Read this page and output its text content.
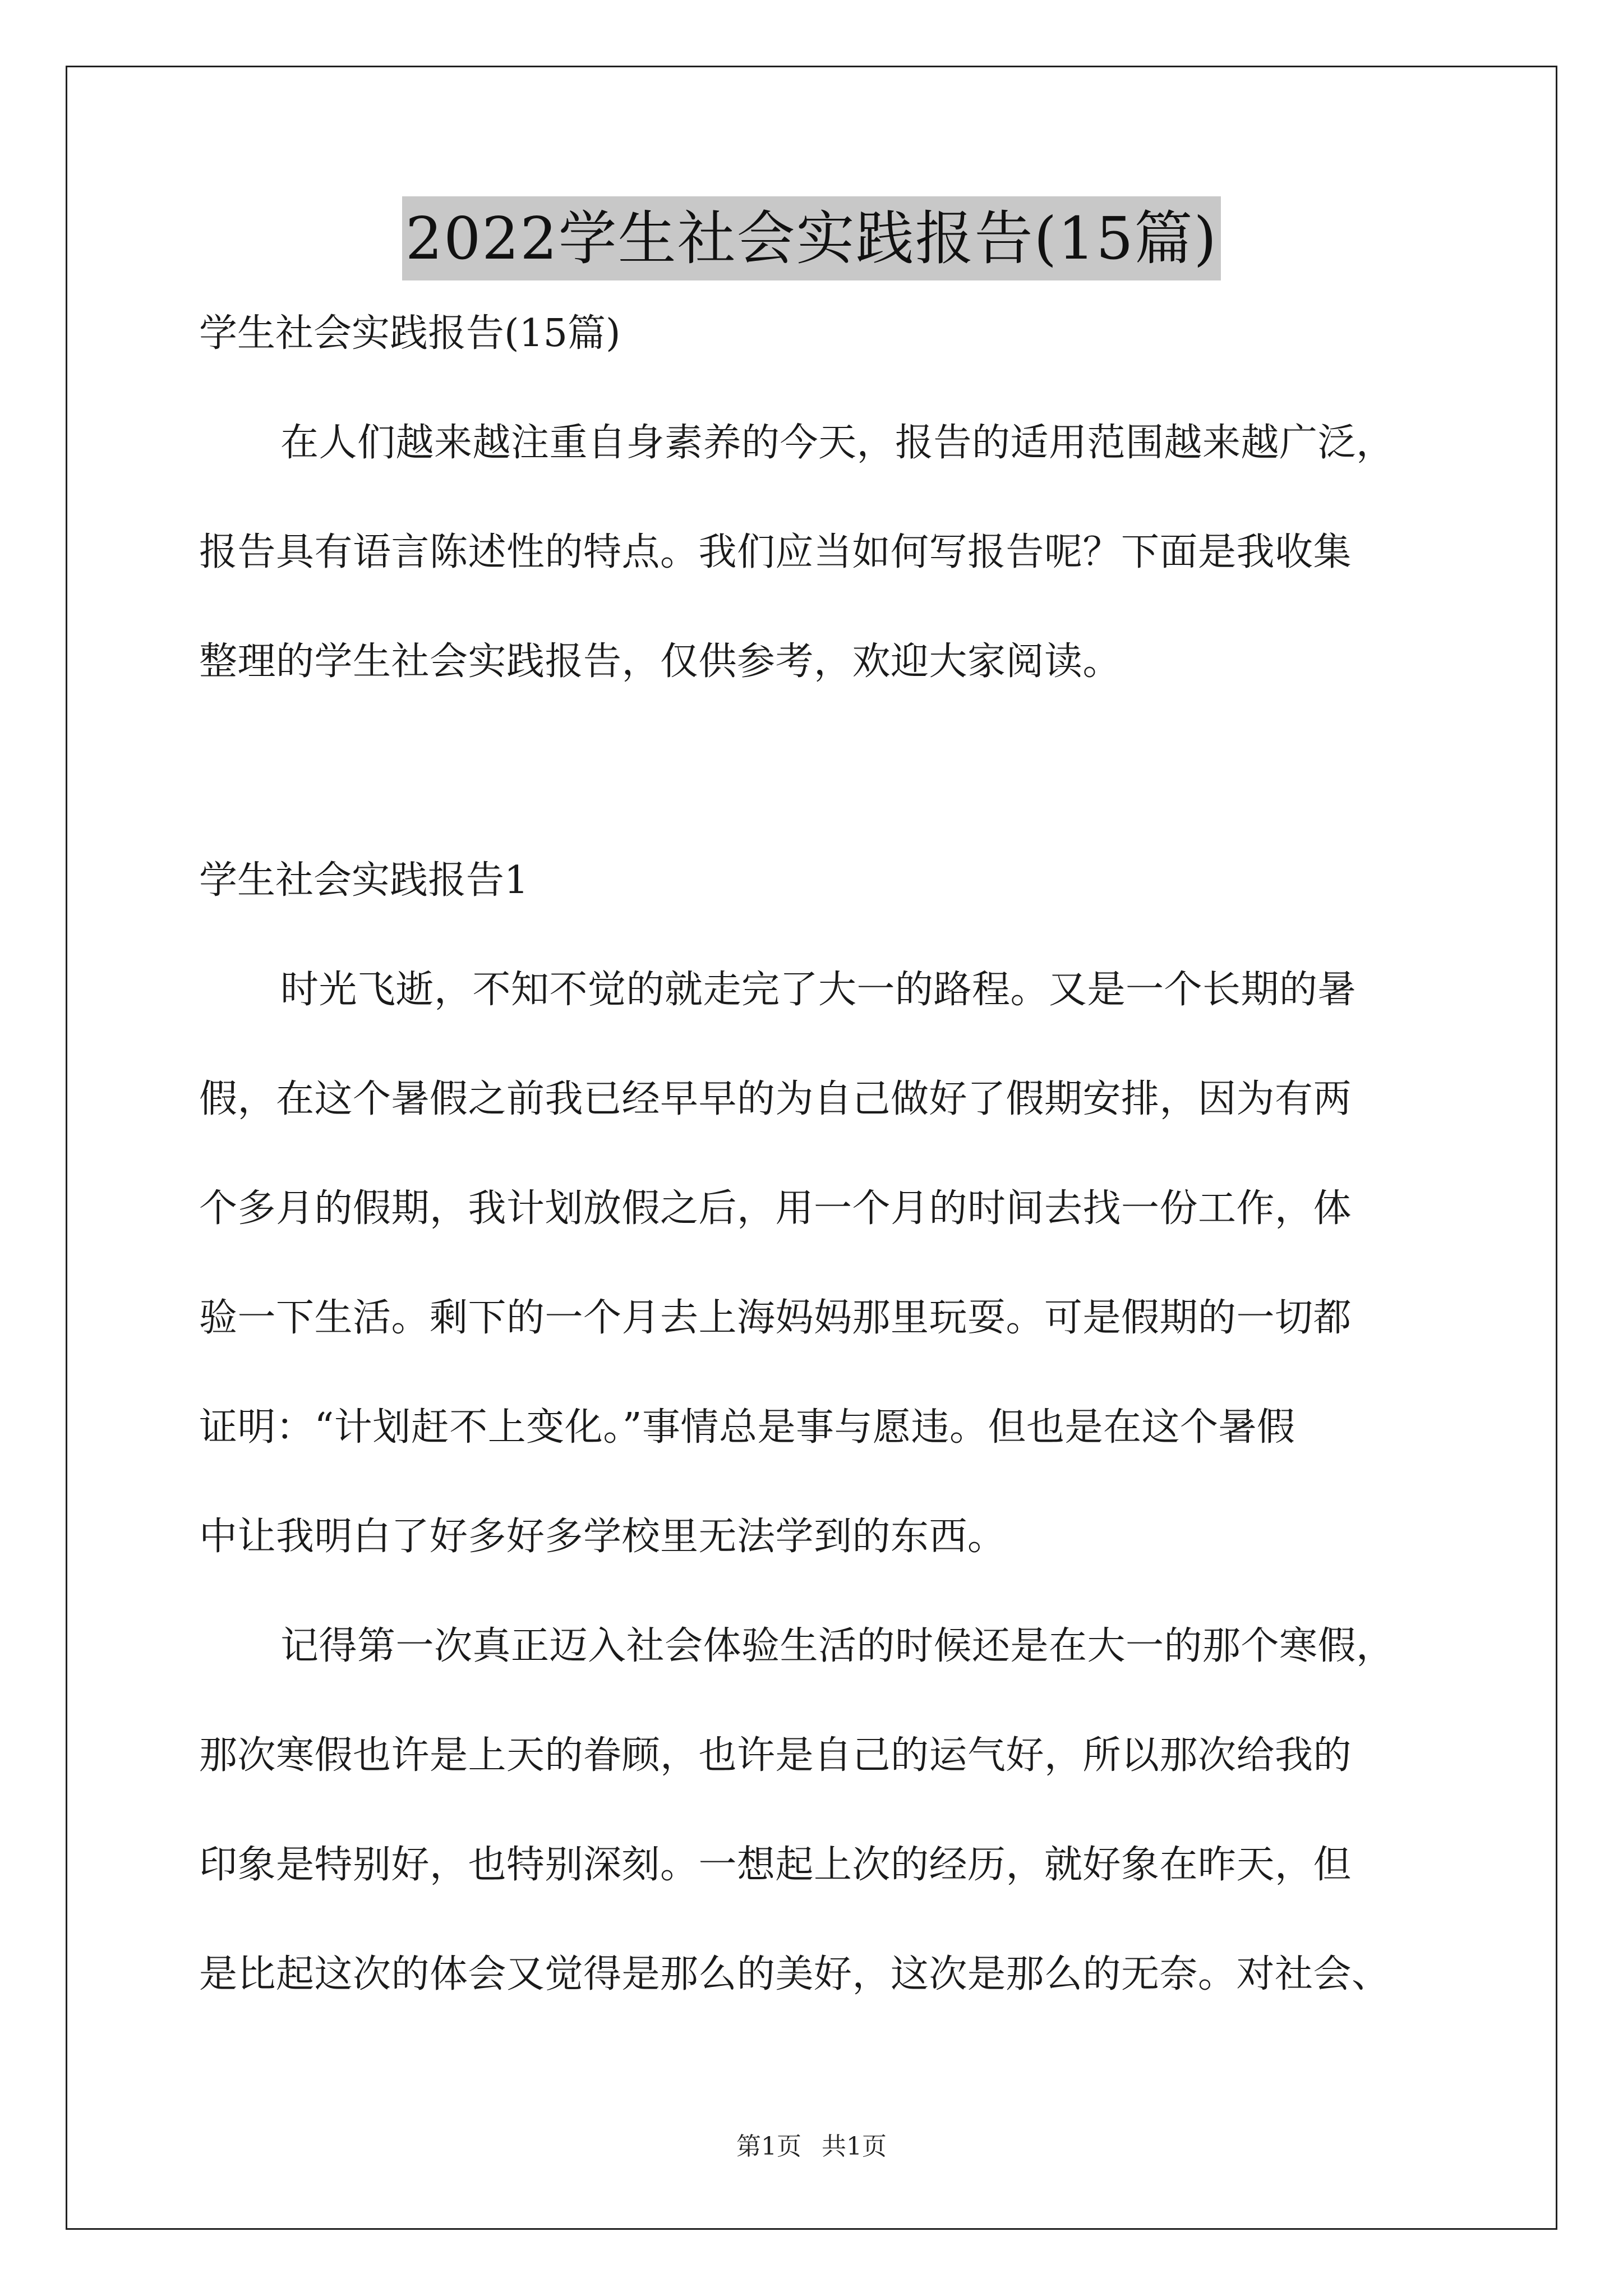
2022学生社会实践报告(15篇)
学生社会实践报告(15篇)
在人们越来越注重自身素养的今天，报告的适用范围越来越广泛，
报告具有语言陈述性的特点。我们应当如何写报告呢？下面是我收集
整理的学生社会实践报告，仅供参考，欢迎大家阅读。
学生社会实践报告1
时光飞逝，不知不觉的就走完了大一的路程。又是一个长期的暑
假，在这个暑假之前我已经早早的为自己做好了假期安排，因为有两
个多月的假期，我计划放假之后，用一个月的时间去找一份工作，体
验一下生活。剩下的一个月去上海妈妈那里玩耍。可是假期的一切都
证明：“计划赶不上变化。”事情总是事与愿违。但也是在这个暑假
中让我明白了好多好多学校里无法学到的东西。
记得第一次真正迈入社会体验生活的时候还是在大一的那个寒假，
那次寒假也许是上天的眷顾，也许是自己的运气好，所以那次给我的
印象是特别好，也特别深刻。一想起上次的经历，就好象在昨天，但
是比起这次的体会又觉得是那么的美好，这次是那么的无奈。对社会、
第1页 共1页
